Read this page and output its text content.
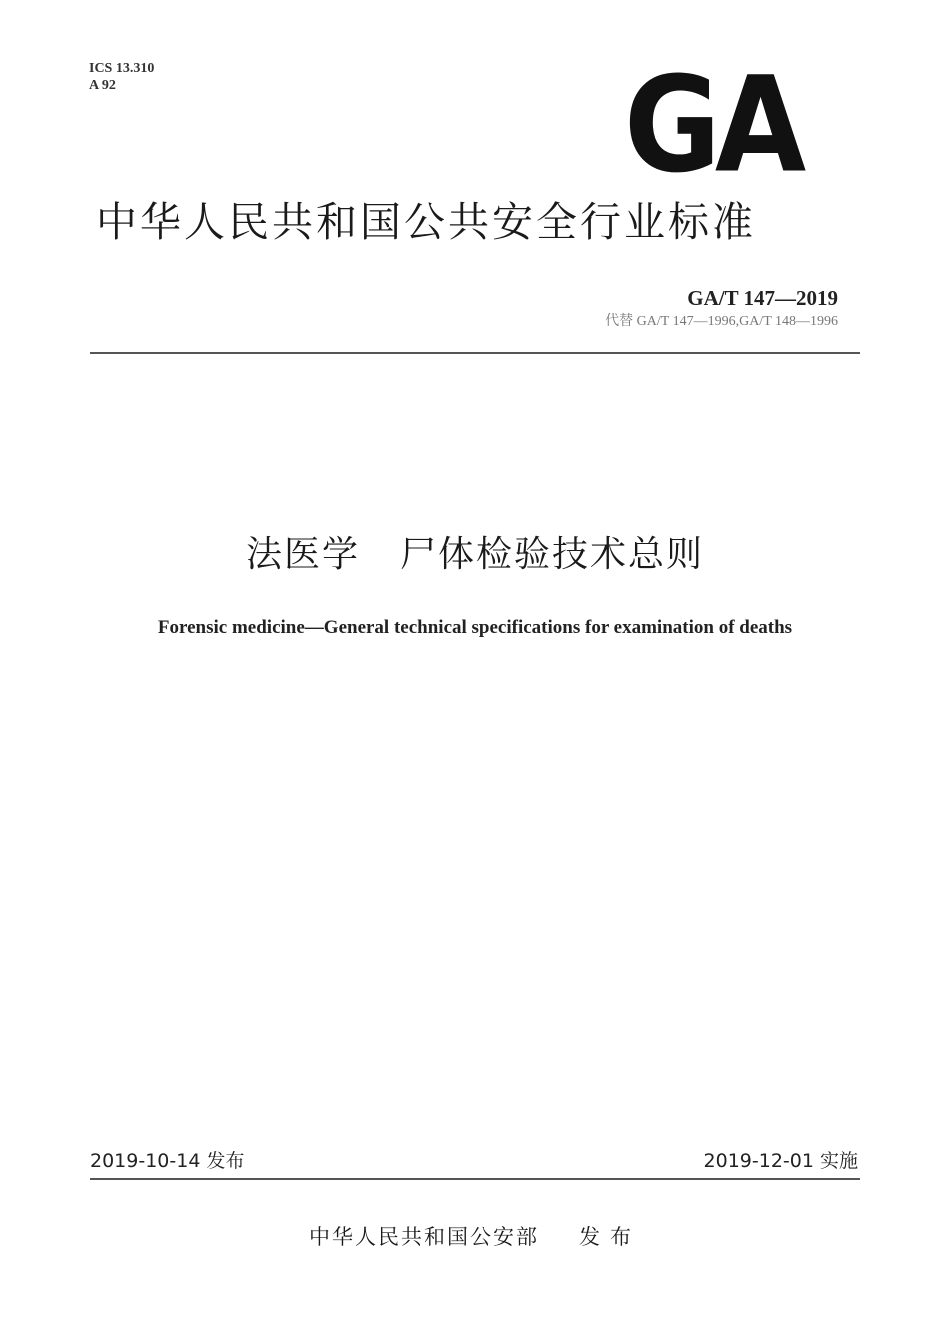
ICS 13.310
A 92	GA
中华人民共和国公共安全行业标准
GA/T 147—2019
代替 GA/T 147—1996,GA/T 148—1996
法医学 尸体检验技术总则
Forensic medicine—General technical specifications for examination of deaths
2019-10-14 发布	2019-12-01 实施
中华人民共和国公安部 发布
